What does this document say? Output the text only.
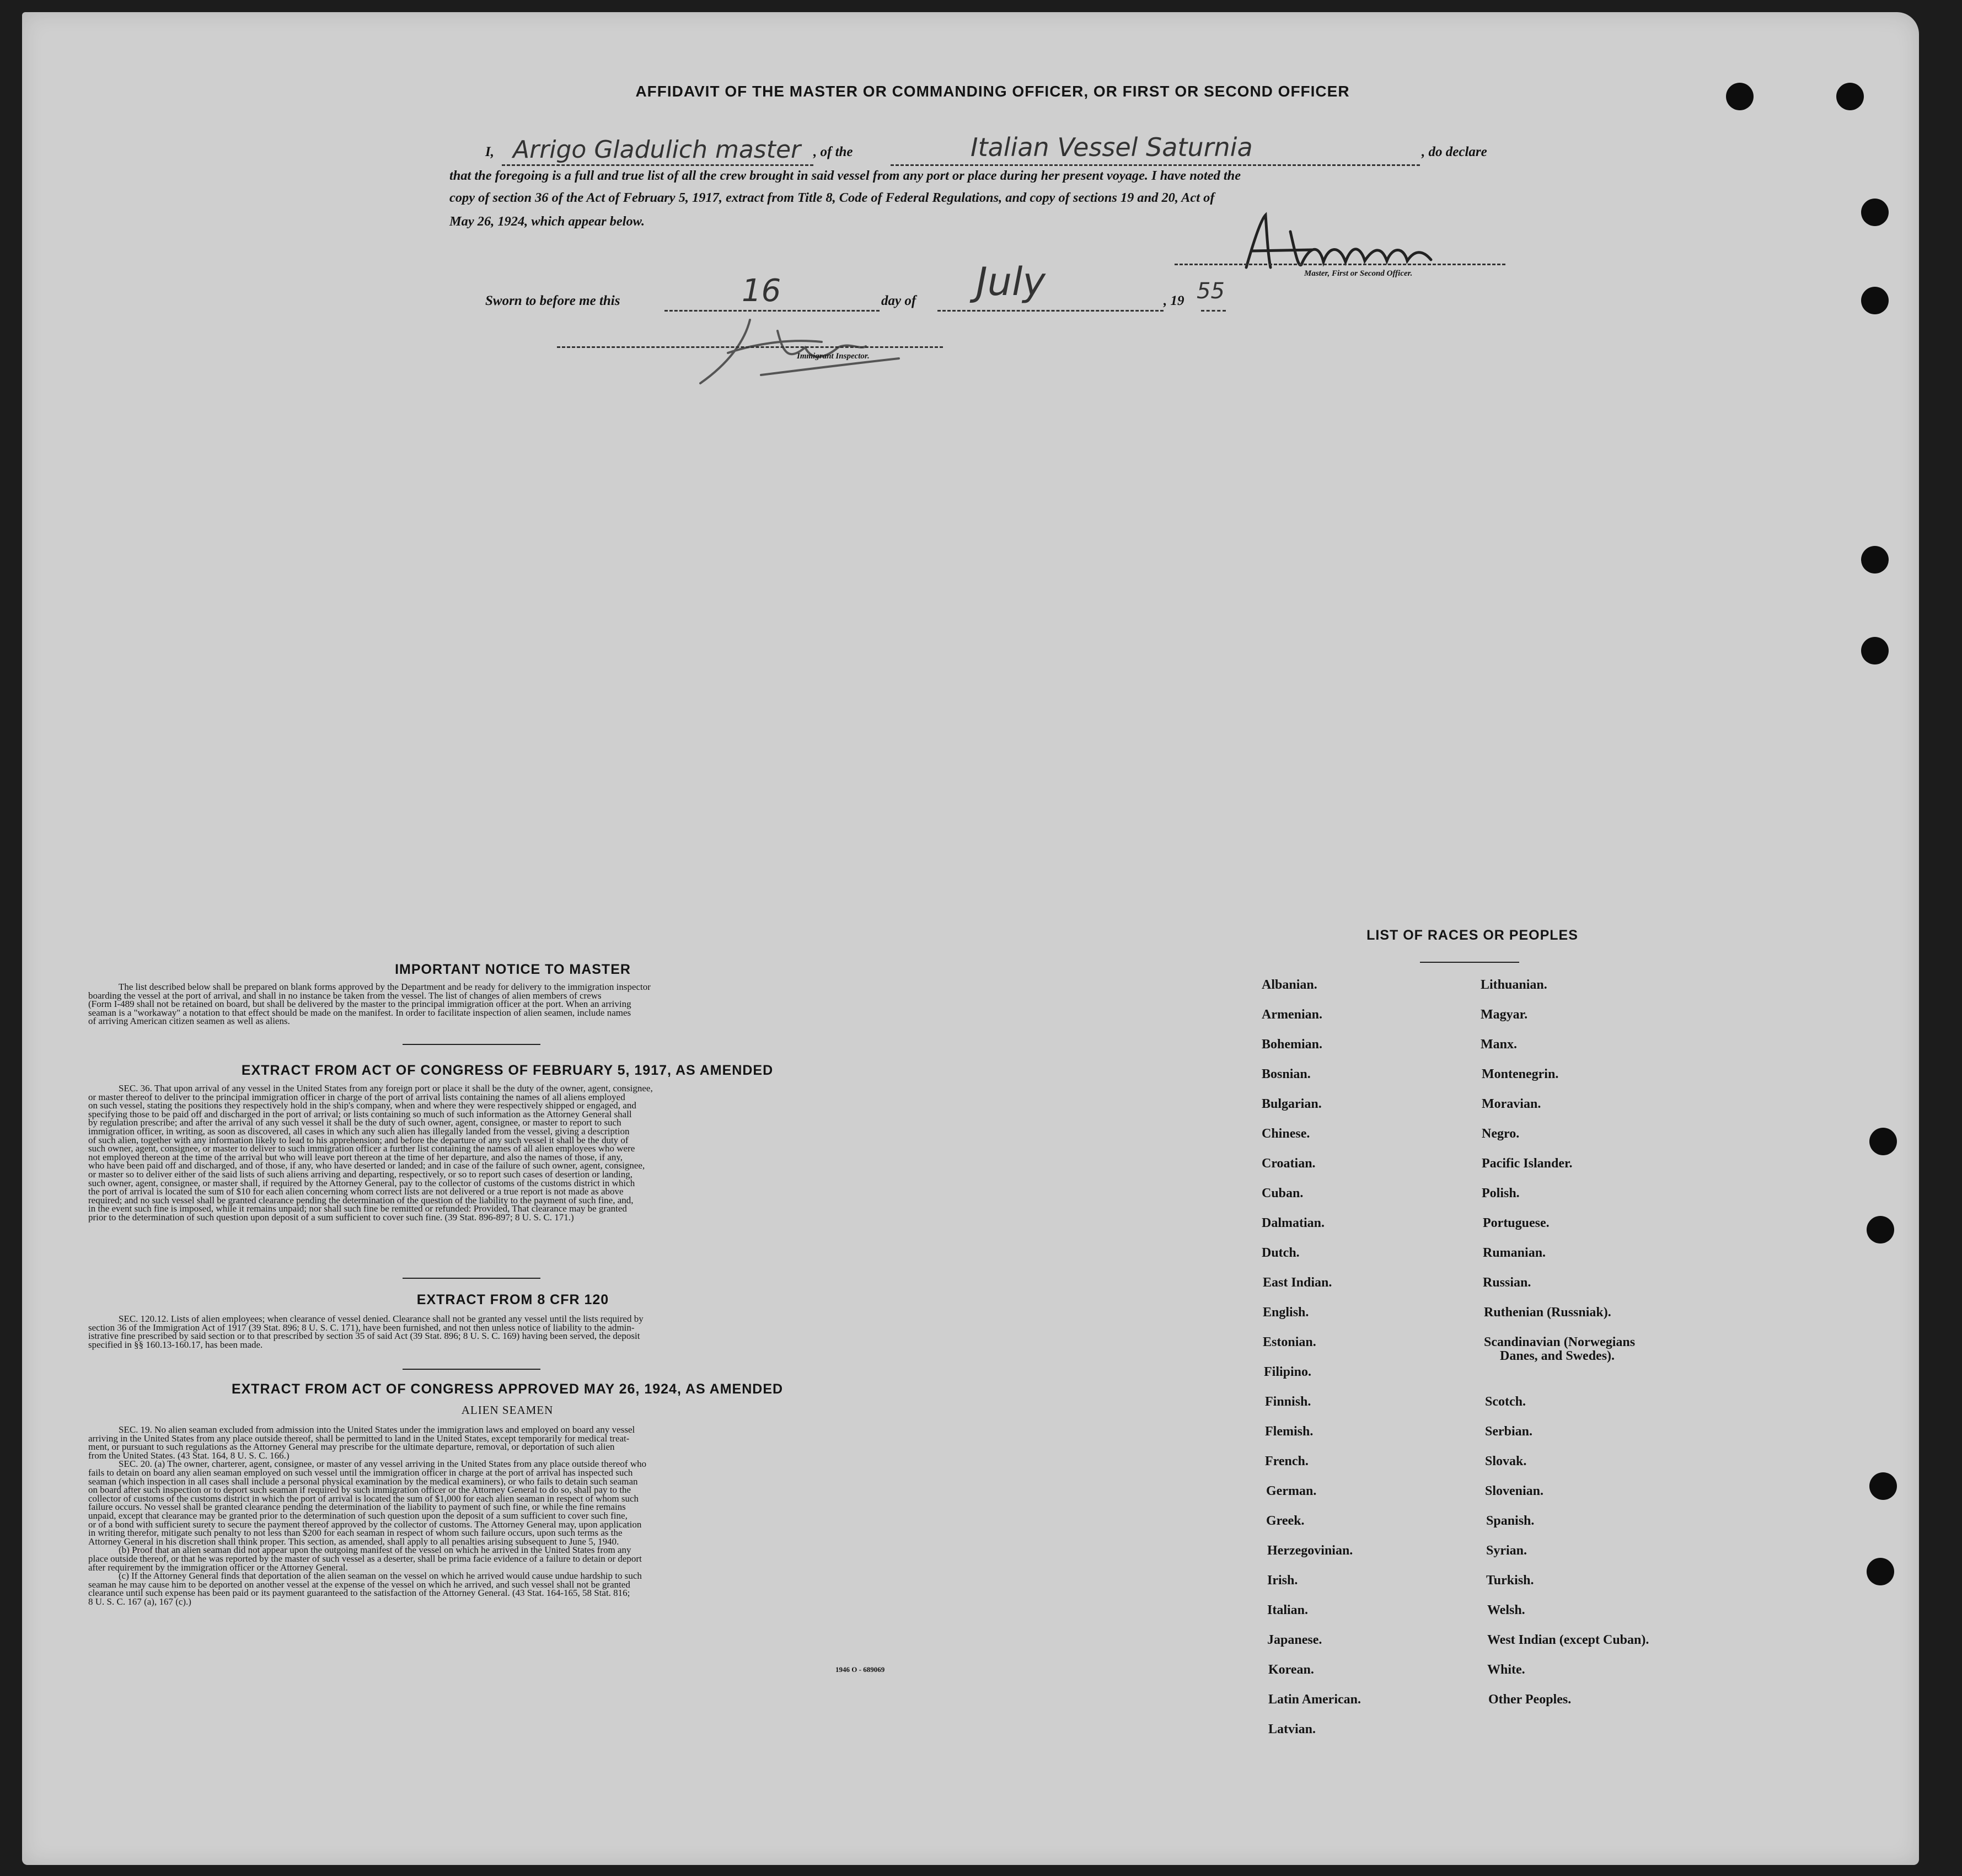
AFFIDAVIT OF THE MASTER OR COMMANDING OFFICER, OR FIRST OR SECOND OFFICER
I, Arrigo Gladulich master , of the	Italian Vessel Saturnia	, do declare
that the foregoing is a full and true list of all the crew brought in said vessel from any port or place during her present voyage. I have noted the
copy of section 36 of the Act of February 5, 1917, extract from Title 8, Code of Federal Regulations, and copy of sections 19 and 20, Act of
May 26, 1924, which appear below.
Master, First or Second Officer.
Sworn to before me this	16	day of July	, 19 55
Immigrant Inspector.
IMPORTANT NOTICE TO MASTER
The list described below shall be prepared on blank forms approved by the Department and be ready for delivery to the immigration inspector
boarding the vessel at the port of arrival, and shall in no instance be taken from the vessel. The list of changes of alien members of crews
(Form I-489 shall not be retained on board, but shall be delivered by the master to the principal immigration officer at the port. When an arriving
seaman is a "workaway" a notation to that effect should be made on the manifest. In order to facilitate inspection of alien seamen, include names
of arriving American citizen seamen as well as aliens.
EXTRACT FROM ACT OF CONGRESS OF FEBRUARY 5, 1917, AS AMENDED
SEC. 36. That upon arrival of any vessel in the United States from any foreign port or place it shall be the duty of the owner, agent, consignee,
or master thereof to deliver to the principal immigration officer in charge of the port of arrival lists containing the names of all aliens employed
on such vessel, stating the positions they respectively hold in the ship's company, when and where they were respectively shipped or engaged, and
specifying those to be paid off and discharged in the port of arrival; or lists containing so much of such information as the Attorney General shall
by regulation prescribe; and after the arrival of any such vessel it shall be the duty of such owner, agent, consignee, or master to report to such
immigration officer, in writing, as soon as discovered, all cases in which any such alien has illegally landed from the vessel, giving a description
of such alien, together with any information likely to lead to his apprehension; and before the departure of any such vessel it shall be the duty of
such owner, agent, consignee, or master to deliver to such immigration officer a further list containing the names of all alien employees who were
not employed thereon at the time of the arrival but who will leave port thereon at the time of her departure, and also the names of those, if any,
who have been paid off and discharged, and of those, if any, who have deserted or landed; and in case of the failure of such owner, agent, consignee,
or master so to deliver either of the said lists of such aliens arriving and departing, respectively, or so to report such cases of desertion or landing,
such owner, agent, consignee, or master shall, if required by the Attorney General, pay to the collector of customs of the customs district in which
the port of arrival is located the sum of $10 for each alien concerning whom correct lists are not delivered or a true report is not made as above
required; and no such vessel shall be granted clearance pending the determination of the question of the liability to the payment of such fine, and,
in the event such fine is imposed, while it remains unpaid; nor shall such fine be remitted or refunded: Provided, That clearance may be granted
prior to the determination of such question upon deposit of a sum sufficient to cover such fine. (39 Stat. 896-897; 8 U. S. C. 171.)
EXTRACT FROM 8 CFR 120
SEC. 120.12. Lists of alien employees; when clearance of vessel denied. Clearance shall not be granted any vessel until the lists required by
section 36 of the Immigration Act of 1917 (39 Stat. 896; 8 U. S. C. 171), have been furnished, and not then unless notice of liability to the admin-
istrative fine prescribed by said section or to that prescribed by section 35 of said Act (39 Stat. 896; 8 U. S. C. 169) having been served, the deposit
specified in §§ 160.13-160.17, has been made.
EXTRACT FROM ACT OF CONGRESS APPROVED MAY 26, 1924, AS AMENDED
ALIEN SEAMEN
SEC. 19. No alien seaman excluded from admission into the United States under the immigration laws and employed on board any vessel
arriving in the United States from any place outside thereof, shall be permitted to land in the United States, except temporarily for medical treat-
ment, or pursuant to such regulations as the Attorney General may prescribe for the ultimate departure, removal, or deportation of such alien
from the United States. (43 Stat. 164, 8 U. S. C. 166.)
SEC. 20. (a) The owner, charterer, agent, consignee, or master of any vessel arriving in the United States from any place outside thereof who
fails to detain on board any alien seaman employed on such vessel until the immigration officer in charge at the port of arrival has inspected such
seaman (which inspection in all cases shall include a personal physical examination by the medical examiners), or who fails to detain such seaman
on board after such inspection or to deport such seaman if required by such immigration officer or the Attorney General to do so, shall pay to the
collector of customs of the customs district in which the port of arrival is located the sum of $1,000 for each alien seaman in respect of whom such
failure occurs. No vessel shall be granted clearance pending the determination of the liability to payment of such fine, or while the fine remains
unpaid, except that clearance may be granted prior to the determination of such question upon the deposit of a sum sufficient to cover such fine,
or of a bond with sufficient surety to secure the payment thereof approved by the collector of customs. The Attorney General may, upon application
in writing therefor, mitigate such penalty to not less than $200 for each seaman in respect of whom such failure occurs, upon such terms as the
Attorney General in his discretion shall think proper. This section, as amended, shall apply to all penalties arising subsequent to June 5, 1940.
(b) Proof that an alien seaman did not appear upon the outgoing manifest of the vessel on which he arrived in the United States from any
place outside thereof, or that he was reported by the master of such vessel as a deserter, shall be prima facie evidence of a failure to detain or deport
after requirement by the immigration officer or the Attorney General.
(c) If the Attorney General finds that deportation of the alien seaman on the vessel on which he arrived would cause undue hardship to such
seaman he may cause him to be deported on another vessel at the expense of the vessel on which he arrived, and such vessel shall not be granted
clearance until such expense has been paid or its payment guaranteed to the satisfaction of the Attorney General. (43 Stat. 164-165, 58 Stat. 816;
8 U. S. C. 167 (a), 167 (c).)
1946 O - 689069
LIST OF RACES OR PEOPLES
Albanian.
Armenian.
Bohemian.
Bosnian.
Bulgarian.
Chinese.
Croatian.
Cuban.
Dalmatian.
Dutch.
East Indian.
English.
Estonian.
Filipino.
Finnish.
Flemish.
French.
German.
Greek.
Herzegovinian.
Irish.
Italian.
Japanese.
Korean.
Latin American.
Latvian.
Lithuanian.
Magyar.
Manx.
Montenegrin.
Moravian.
Negro.
Pacific Islander.
Polish.
Portuguese.
Rumanian.
Russian.
Ruthenian (Russniak).
Scandinavian (Norwegians
Danes, and Swedes).
Scotch.
Serbian.
Slovak.
Slovenian.
Spanish.
Syrian.
Turkish.
Welsh.
West Indian (except Cuban).
White.
Other Peoples.
